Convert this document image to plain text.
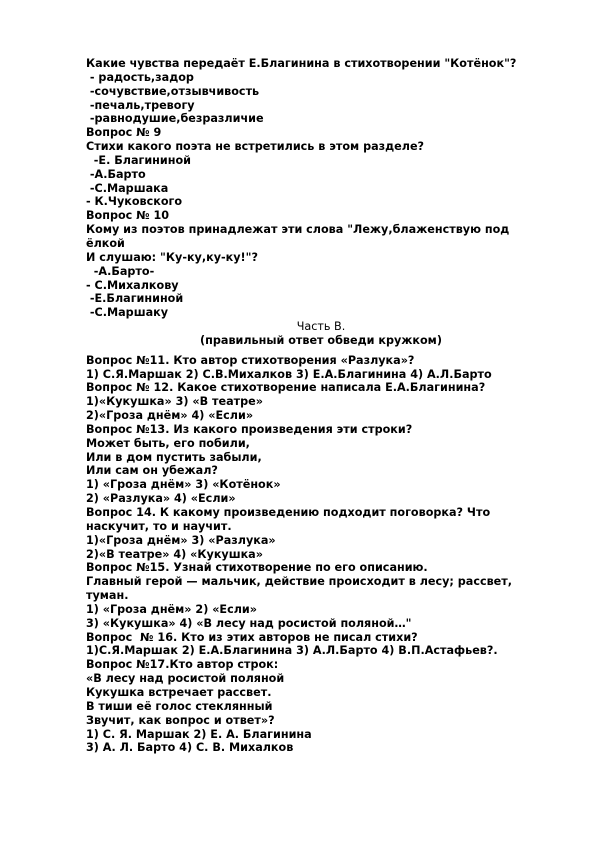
Какие чувства передаёт Е.Благинина в стихотворении "Котёнок"?
- радость,задор
-сочувствие,отзывчивость
-печаль,тревогу
-равнодушие,безразличие
Вопрос № 9
Стихи какого поэта не встретились в этом разделе?
-Е. Благининой
-А.Барто
-С.Маршака
- К.Чуковского
Вопрос № 10
Кому из поэтов принадлежат эти слова "Лежу,блаженствую под
ёлкой
И слушаю: "Ку-ку,ку-ку!"?
-А.Барто-
- С.Михалкову
-Е.Благининой
-С.Маршаку
Часть В.
(правильный ответ обведи кружком)
Вопрос №11. Кто автор стихотворения «Разлука»?
1) С.Я.Маршак 2) С.В.Михалков 3) Е.А.Благинина 4) А.Л.Барто
Вопрос № 12. Какое стихотворение написала Е.А.Благинина?
1)«Кукушка» 3) «В театре»
2)«Гроза днём» 4) «Если»
Вопрос №13. Из какого произведения эти строки?
Может быть, его побили,
Или в дом пустить забыли,
Или сам он убежал?
1) «Гроза днём» 3) «Котёнок»
2) «Разлука» 4) «Если»
Вопрос 14. К какому произведению подходит поговорка? Что
наскучит, то и научит.
1)«Гроза днём» 3) «Разлука»
2)«В театре» 4) «Кукушка»
Вопрос №15. Узнай стихотворение по его описанию.
Главный герой — мальчик, действие происходит в лесу; рассвет,
туман.
1) «Гроза днём» 2) «Если»
3) «Кукушка» 4) «В лесу над росистой поляной…"
Вопрос  № 16. Кто из этих авторов не писал стихи?
1)С.Я.Маршак 2) Е.А.Благинина 3) А.Л.Барто 4) В.П.Астафьев?.
Вопрос №17.Кто автор строк:
«В лесу над росистой поляной
Кукушка встречает рассвет.
В тиши её голос стеклянный
Звучит, как вопрос и ответ»?
1) С. Я. Маршак 2) Е. А. Благинина
3) А. Л. Барто 4) С. В. Михалков
